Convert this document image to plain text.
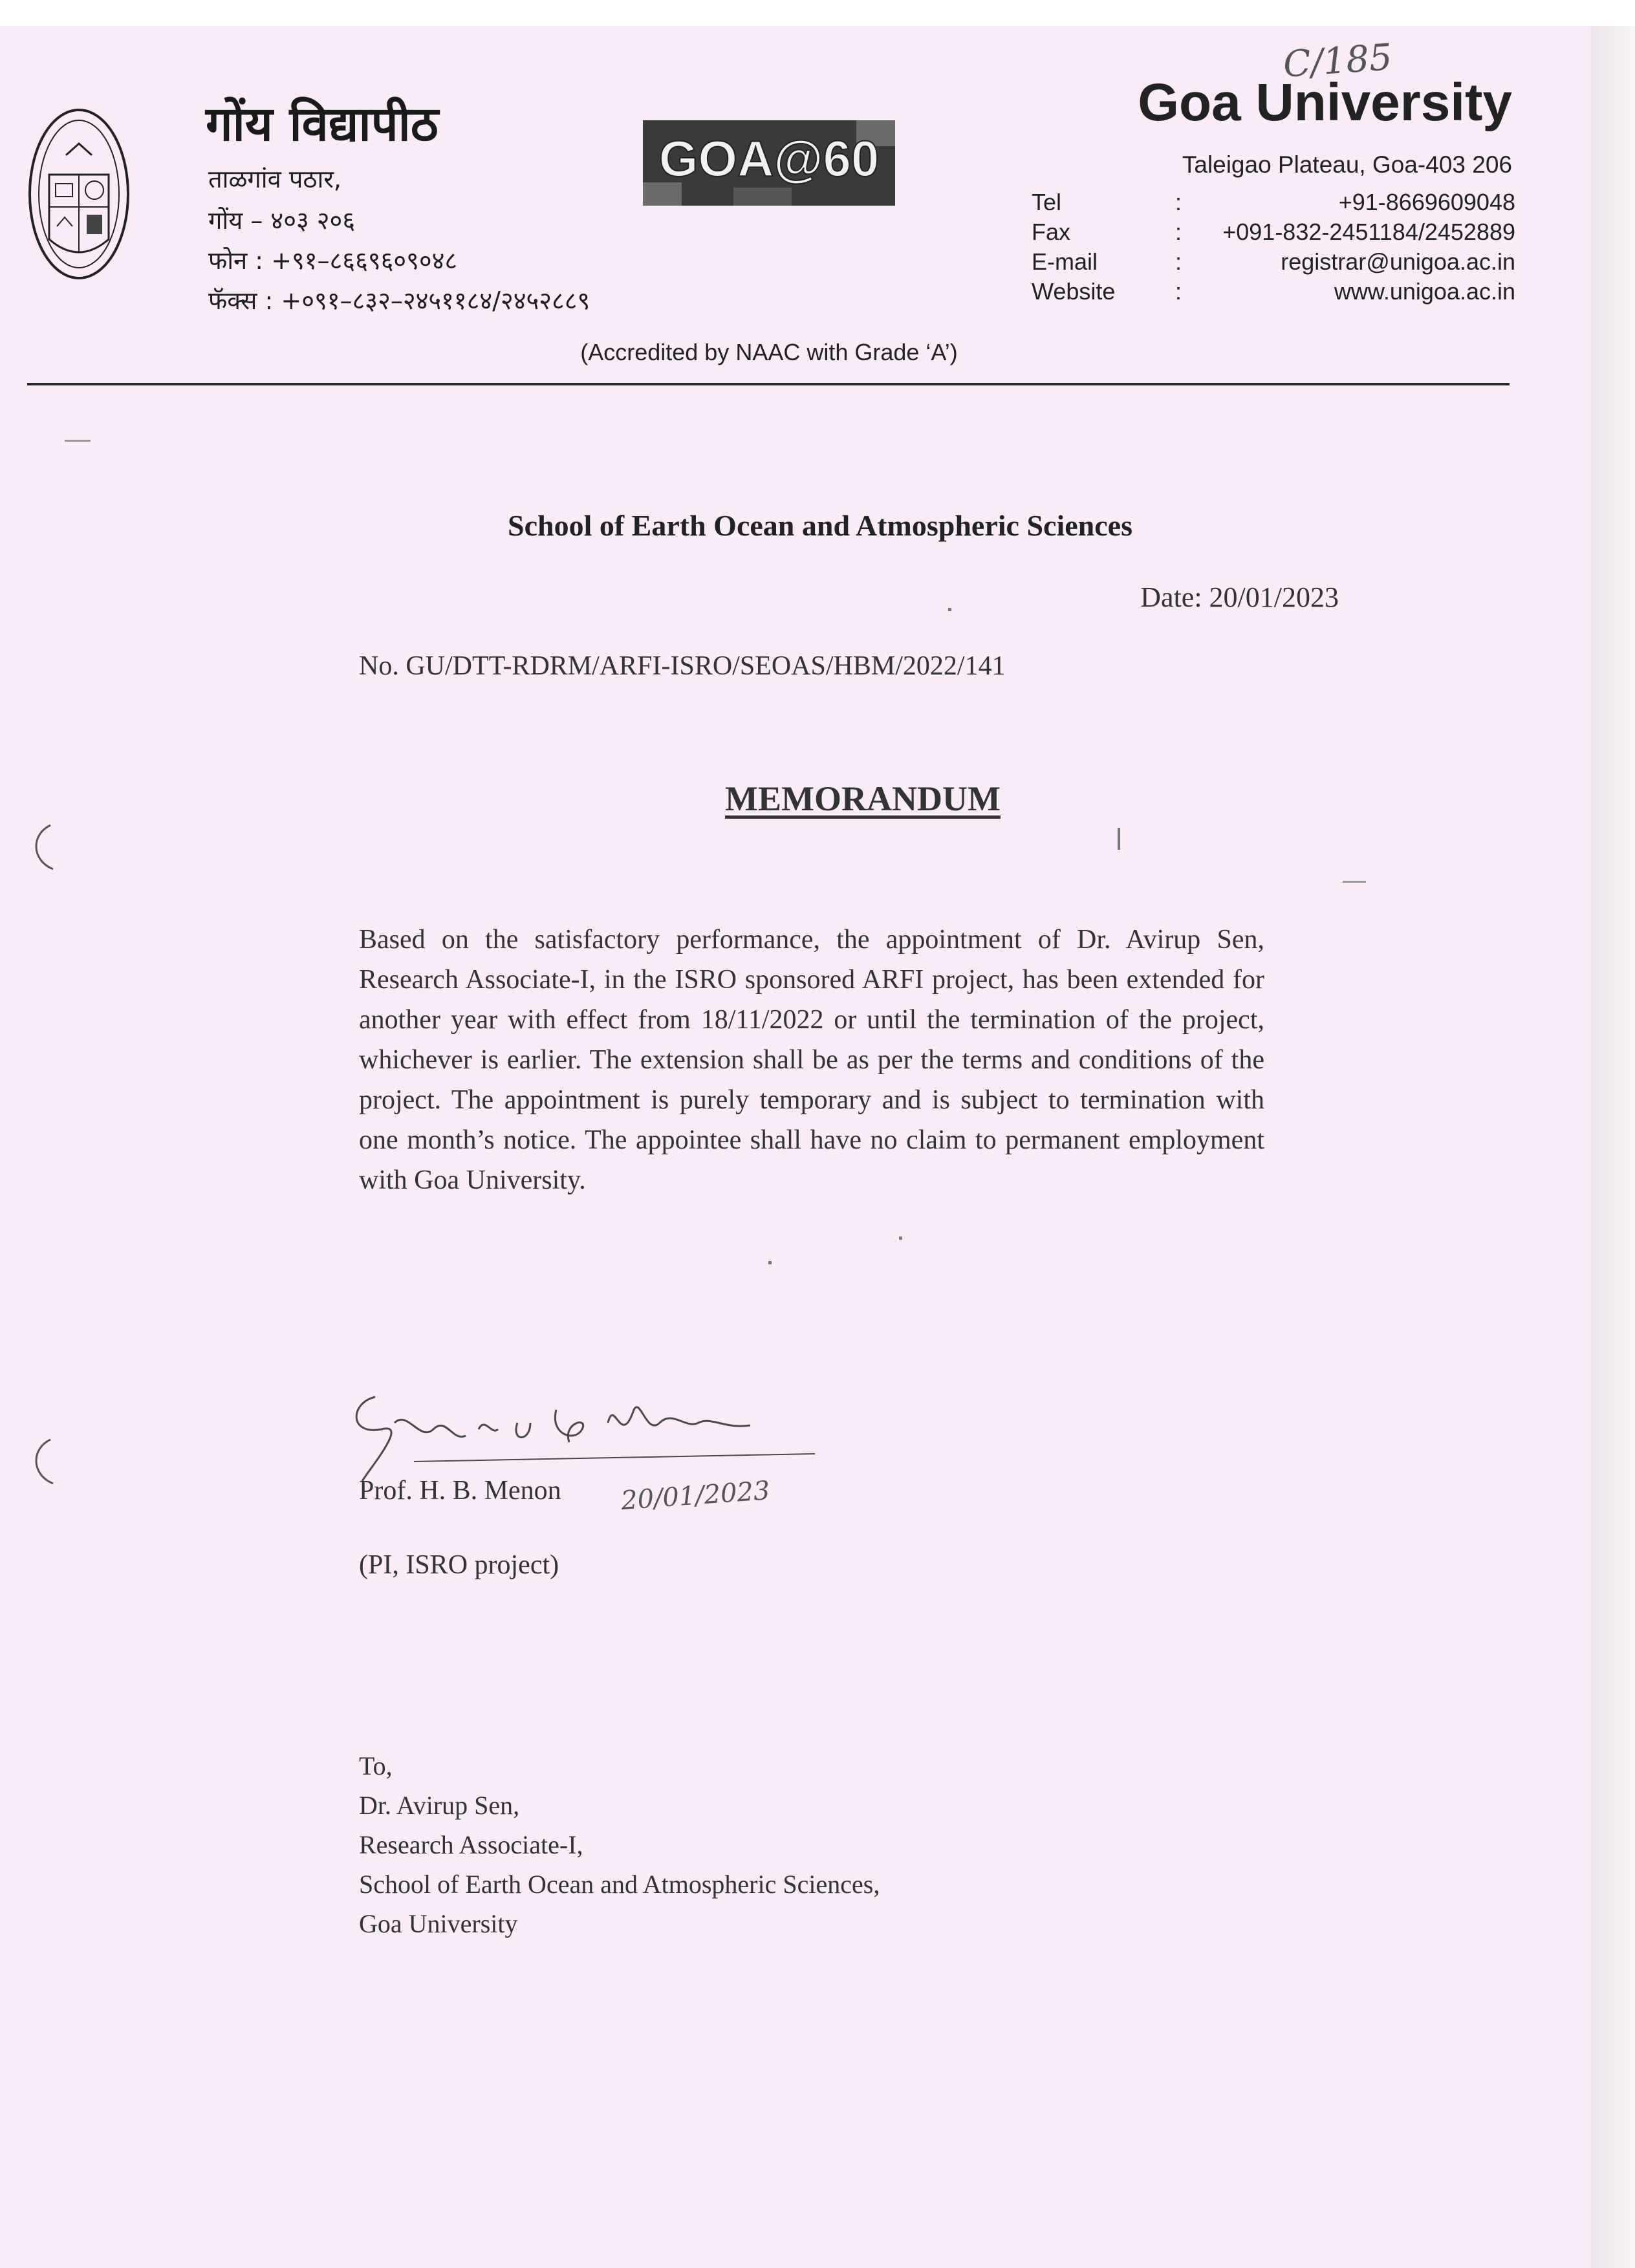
गोंय विद्यापीठ
ताळगांव पठार,
गोंय – ४०३ २०६
फोन : +९१–८६६९६०९०४८
फॅक्स : +०९१–८३२–२४५११८४/२४५२८८९
GOA@60
C/185
Goa University
Taleigao Plateau, Goa-403 206
Tel	:	+91-8669609048
Fax	: +091-832-2451184/2452889
E-mail	:	registrar@unigoa.ac.in
Website	:	www.unigoa.ac.in
(Accredited by NAAC with Grade ‘A’)
School of Earth Ocean and Atmospheric Sciences
Date: 20/01/2023
No. GU/DTT-RDRM/ARFI-ISRO/SEOAS/HBM/2022/141
MEMORANDUM
Based on the satisfactory performance, the appointment of Dr. Avirup Sen, Research Associate-I, in the ISRO sponsored ARFI project, has been extended for another year with effect from 18/11/2022 or until the termination of the project, whichever is earlier. The extension shall be as per the terms and conditions of the project. The appointment is purely temporary and is subject to termination with one month’s notice. The appointee shall have no claim to permanent employment with Goa University.
20/01/2023
Prof. H. B. Menon
(PI, ISRO project)
To,
Dr. Avirup Sen,
Research Associate-I,
School of Earth Ocean and Atmospheric Sciences,
Goa University
